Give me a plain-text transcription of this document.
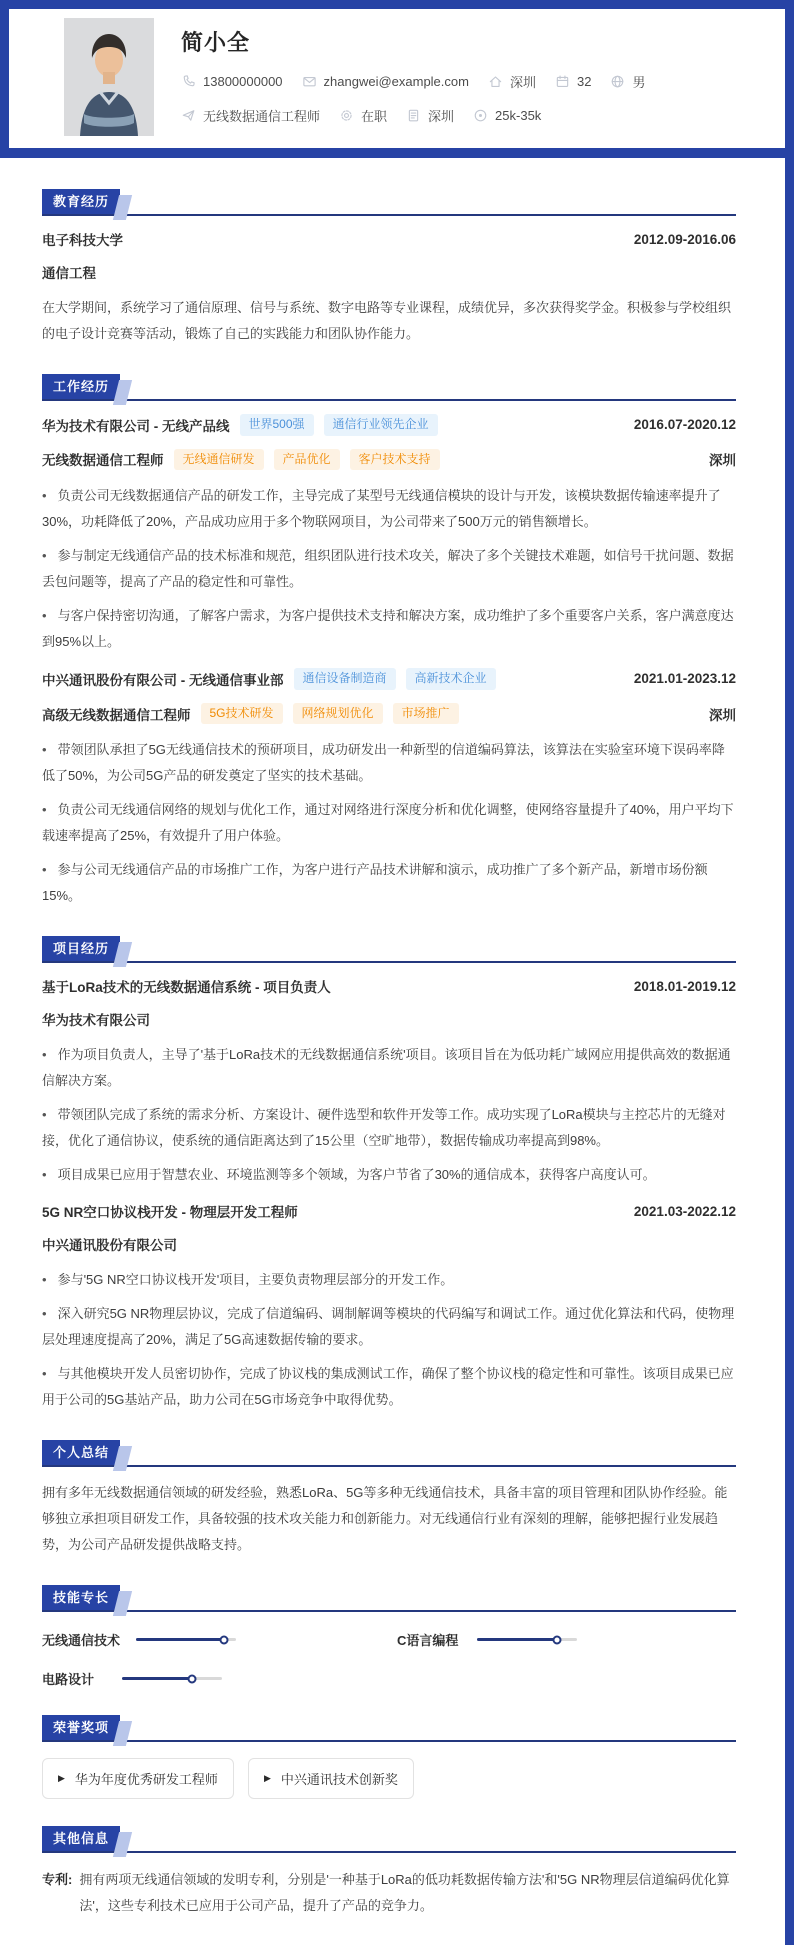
简小全
13800000000	zhangwei@example.com	深圳	32	男
无线数据通信工程师	在职	深圳	25k-35k
教育经历
电子科技大学	2012.09-2016.06
通信工程

在大学期间，系统学习了通信原理、信号与系统、数字电路等专业课程，成绩优异，多次获得奖学金。积极参与学校组织的电子设计竞赛等活动，锻炼了自己的实践能力和团队协作能力。

工作经历
华为技术有限公司 - 无线产品线	世界500强	通信行业领先企业	2016.07-2020.12
无线数据通信工程师	无线通信研发	产品优化	客户技术支持	深圳

• 负责公司无线数据通信产品的研发工作，主导完成了某型号无线通信模块的设计与开发，该模块数据传输速率提升了30%，功耗降低了20%，产品成功应用于多个物联网项目，为公司带来了500万元的销售额增长。

• 参与制定无线通信产品的技术标准和规范，组织团队进行技术攻关，解决了多个关键技术难题，如信号干扰问题、数据丢包问题等，提高了产品的稳定性和可靠性。

• 与客户保持密切沟通，了解客户需求，为客户提供技术支持和解决方案，成功维护了多个重要客户关系，客户满意度达到95%以上。

中兴通讯股份有限公司 - 无线通信事业部	通信设备制造商	高新技术企业	2021.01-2023.12
高级无线数据通信工程师	5G技术研发	网络规划优化	市场推广	深圳

• 带领团队承担了5G无线通信技术的预研项目，成功研发出一种新型的信道编码算法，该算法在实验室环境下误码率降低了50%，为公司5G产品的研发奠定了坚实的技术基础。

• 负责公司无线通信网络的规划与优化工作，通过对网络进行深度分析和优化调整，使网络容量提升了40%，用户平均下载速率提高了25%，有效提升了用户体验。

• 参与公司无线通信产品的市场推广工作，为客户进行产品技术讲解和演示，成功推广了多个新产品，新增市场份额15%。

项目经历
基于LoRa技术的无线数据通信系统 - 项目负责人	2018.01-2019.12
华为技术有限公司

• 作为项目负责人，主导了'基于LoRa技术的无线数据通信系统'项目。该项目旨在为低功耗广域网应用提供高效的数据通信解决方案。

• 带领团队完成了系统的需求分析、方案设计、硬件选型和软件开发等工作。成功实现了LoRa模块与主控芯片的无缝对接，优化了通信协议，使系统的通信距离达到了15公里（空旷地带），数据传输成功率提高到98%。

• 项目成果已应用于智慧农业、环境监测等多个领域，为客户节省了30%的通信成本，获得客户高度认可。

5G NR空口协议栈开发 - 物理层开发工程师	2021.03-2022.12
中兴通讯股份有限公司

• 参与'5G NR空口协议栈开发'项目，主要负责物理层部分的开发工作。

• 深入研究5G NR物理层协议，完成了信道编码、调制解调等模块的代码编写和调试工作。通过优化算法和代码，使物理层处理速度提高了20%，满足了5G高速数据传输的要求。

• 与其他模块开发人员密切协作，完成了协议栈的集成测试工作，确保了整个协议栈的稳定性和可靠性。该项目成果已应用于公司的5G基站产品，助力公司在5G市场竞争中取得优势。

个人总结

拥有多年无线数据通信领域的研发经验，熟悉LoRa、5G等多种无线通信技术，具备丰富的项目管理和团队协作经验。能够独立承担项目研发工作，具备较强的技术攻关能力和创新能力。对无线通信行业有深刻的理解，能够把握行业发展趋势，为公司产品研发提供战略支持。

技能专长
无线通信技术	C语言编程
电路设计
荣誉奖项
▶ 华为年度优秀研发工程师	▶ 中兴通讯技术创新奖
其他信息
专利: 拥有两项无线通信领域的发明专利，分别是'一种基于LoRa的低功耗数据传输方法'和'5G NR物理层信道编码优化算法'，这些专利技术已应用于公司产品，提升了产品的竞争力。
